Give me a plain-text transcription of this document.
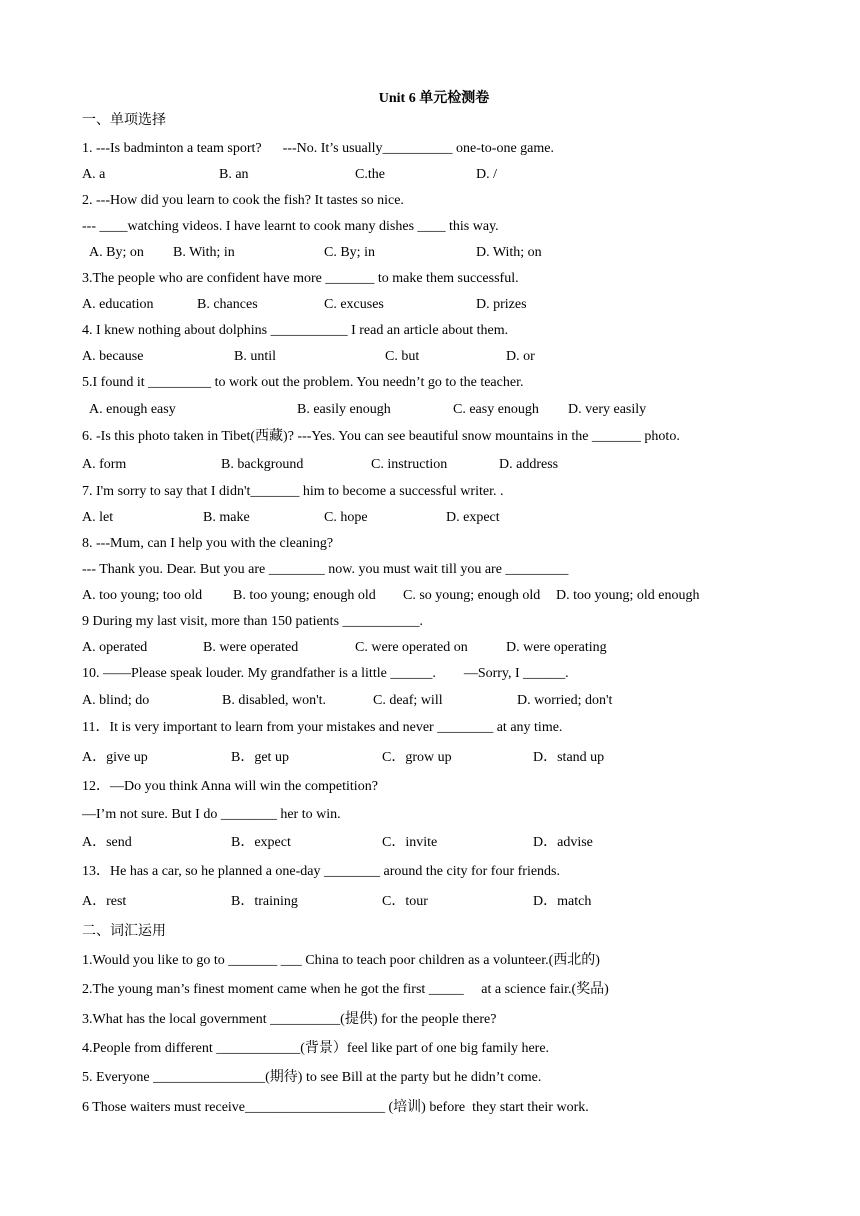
Unit 6 单元检测卷
一、单项选择
1. ---Is badminton a team sport?      ---No. It’s usually__________ one-to-one game.
A. a	B. an	C.the	D. /
2. ---How did you learn to cook the fish? It tastes so nice.
--- ____watching videos. I have learnt to cook many dishes ____ this way.
A. By; on B. With; in	C. By; in	D. With; on
3.The people who are confident have more _______ to make them successful.
A. education	B. chances	C. excuses	D. prizes
4. I knew nothing about dolphins ___________ I read an article about them.
A. because	B. until	C. but	D. or
5.I found it _________ to work out the problem. You needn’t go to the teacher.
A. enough easy	B. easily enough	C. easy enough D. very easily
6. -Is this photo taken in Tibet(西藏)? ---Yes. You can see beautiful snow mountains in the _______ photo.
A. form	B. background	C. instruction	D. address
7. I'm sorry to say that I didn't_______ him to become a successful writer. .
A. let	B. make	C. hope	D. expect
8. ---Mum, can I help you with the cleaning?
--- Thank you. Dear. But you are ________ now. you must wait till you are _________
A. too young; too old B. too young; enough old C. so young; enough old D. too young; old enough
9 During my last visit, more than 150 patients ___________.
A. operated	B. were operated	C. were operated on	D. were operating
10. ——Please speak louder. My grandfather is a little ______.        —Sorry, I ______.
A. blind; do	B. disabled, won't.	C. deaf; will	D. worried; don't
11．It is very important to learn from your mistakes and never ________ at any time.
A．give up	B．get up	C．grow up	D．stand up
12．—Do you think Anna will win the competition?
—I’m not sure. But I do ________ her to win.
A．send	B．expect	C．invite	D．advise
13．He has a car, so he planned a one-day ________ around the city for four friends.
A．rest	B．training	C．tour	D．match
二、词汇运用
1.Would you like to go to _______ ___ China to teach poor children as a volunteer.(西北的)
2.The young man’s finest moment came when he got the first _____     at a science fair.(奖品)
3.What has the local government __________(提供) for the people there?
4.People from different ____________(背景）feel like part of one big family here.
5. Everyone ________________(期待) to see Bill at the party but he didn’t come.
6 Those waiters must receive____________________ (培训) before  they start their work.
